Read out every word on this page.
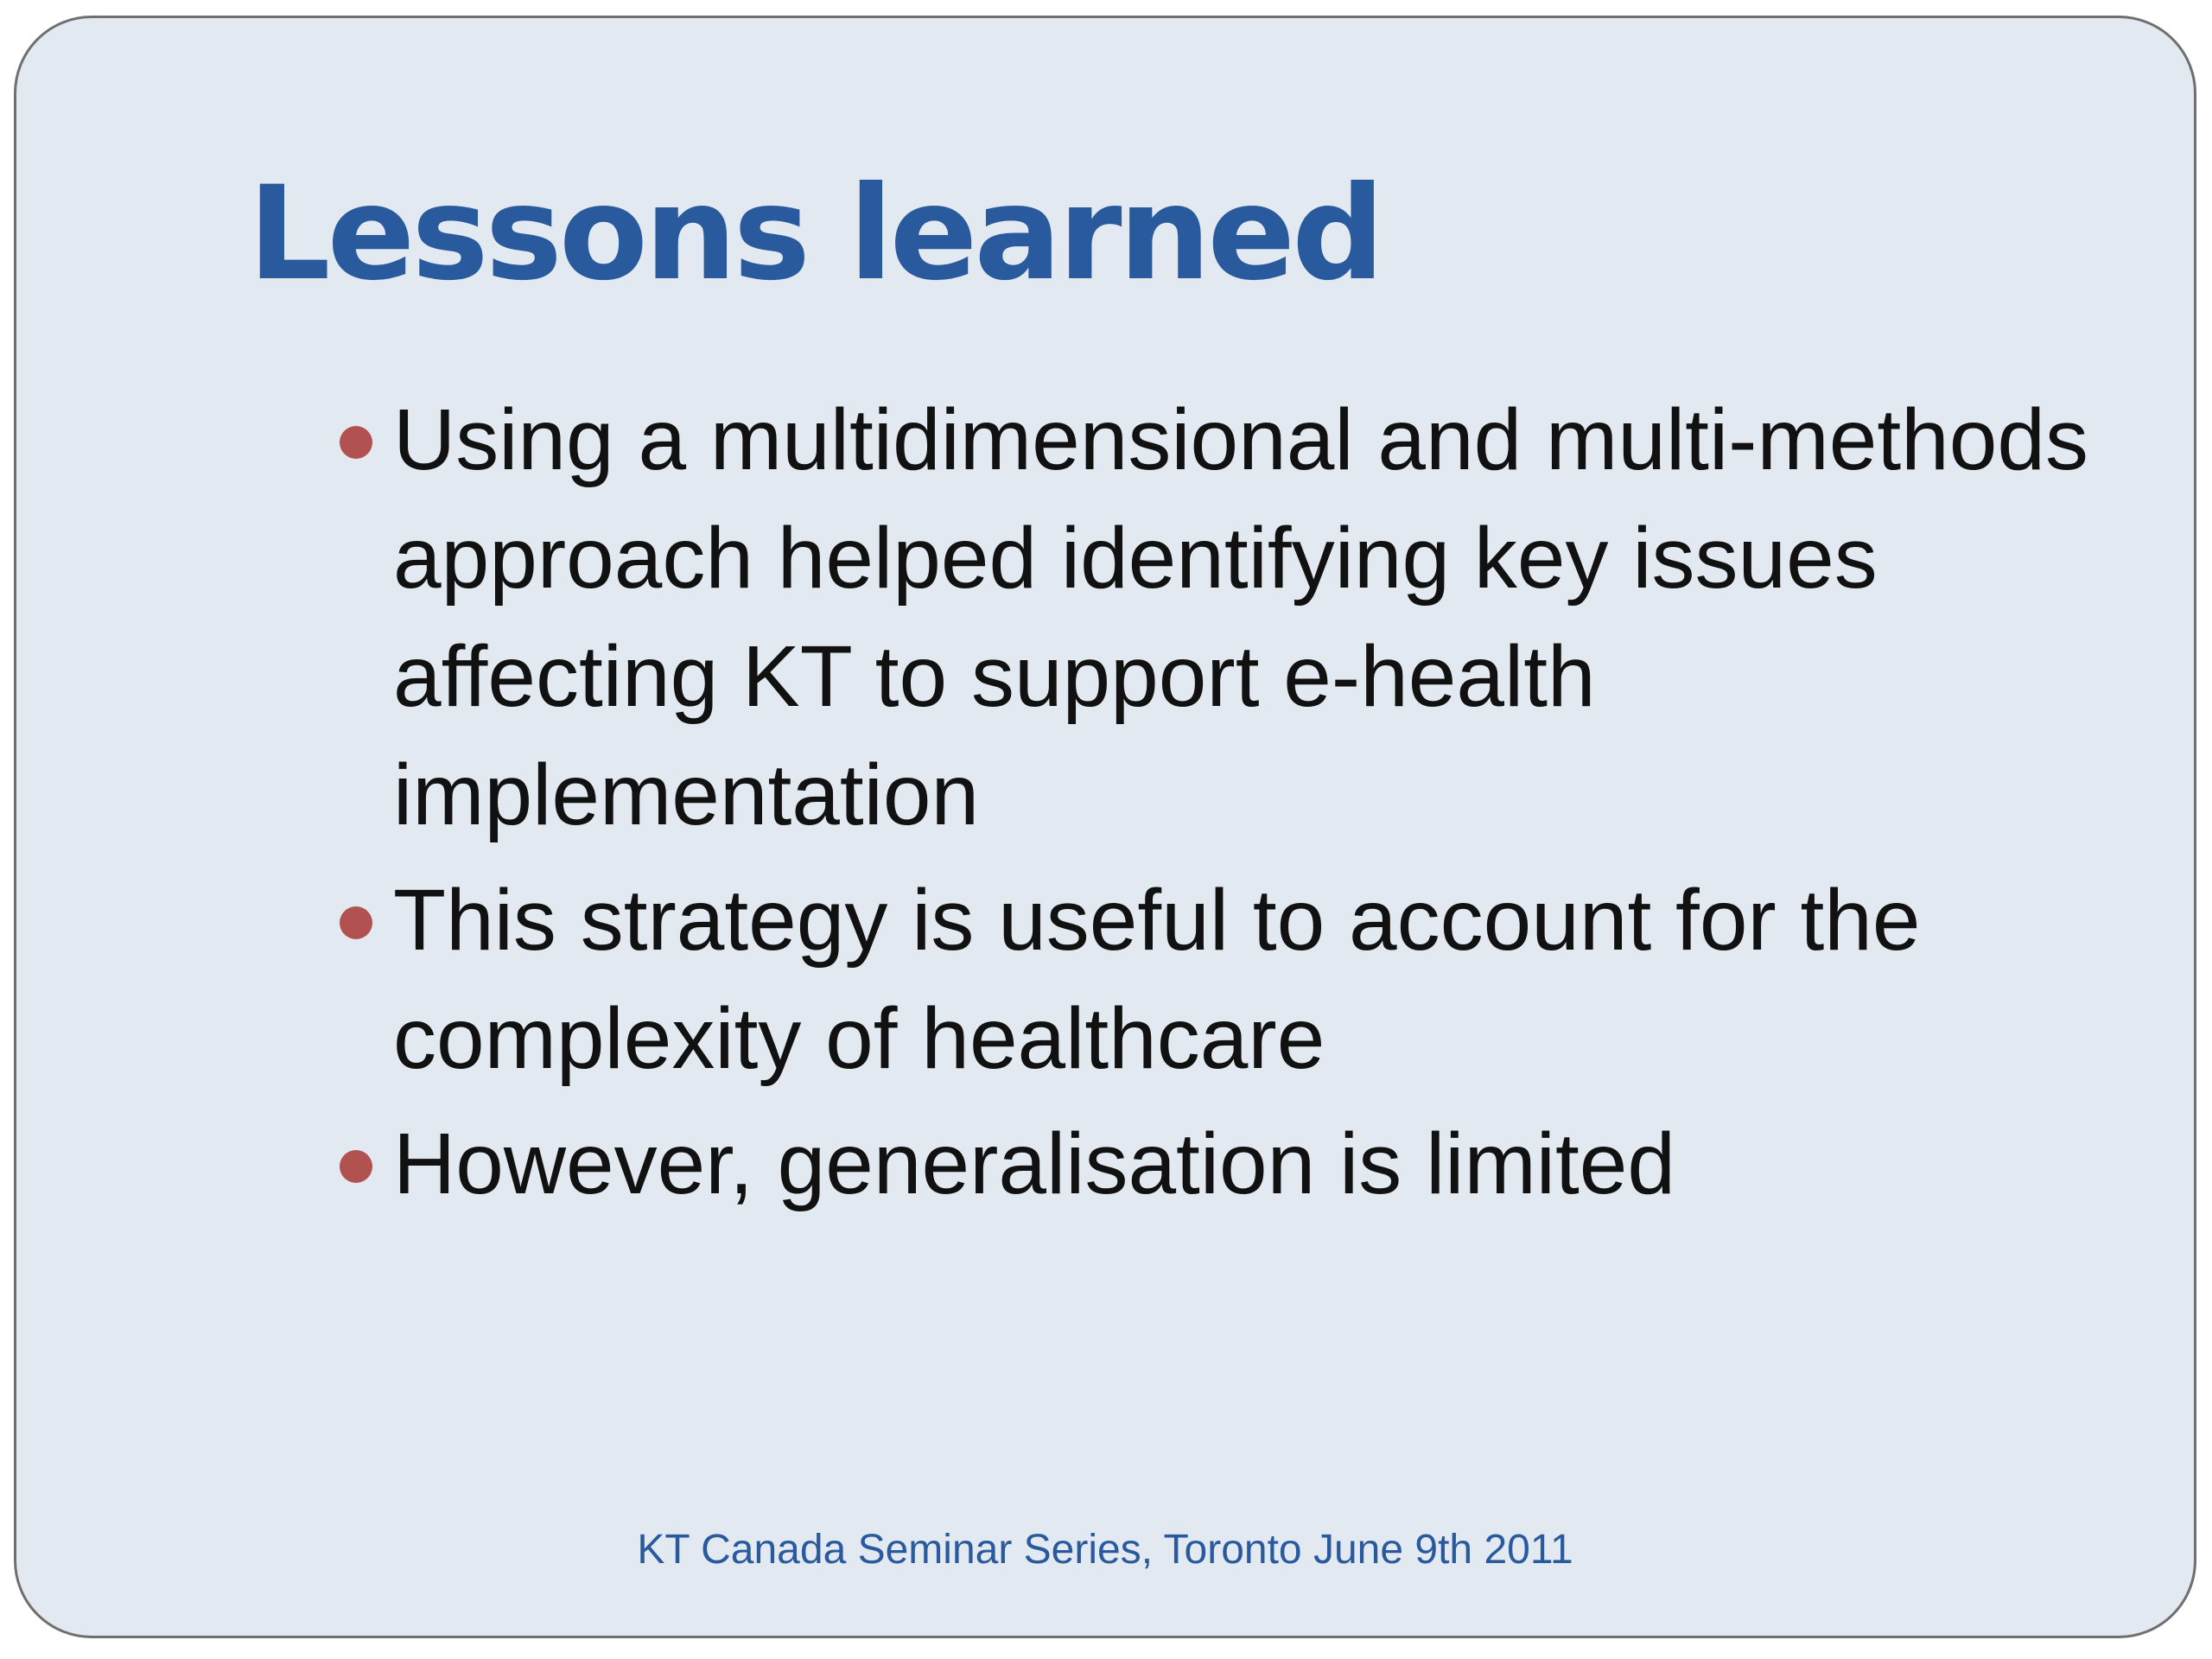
Lessons learned
Using a multidimensional and multi-methods approach helped identifying key issues affecting KT to support e-health implementation
This strategy is useful to account for the complexity of healthcare
However, generalisation is limited
KT Canada Seminar Series, Toronto June 9th 2011
